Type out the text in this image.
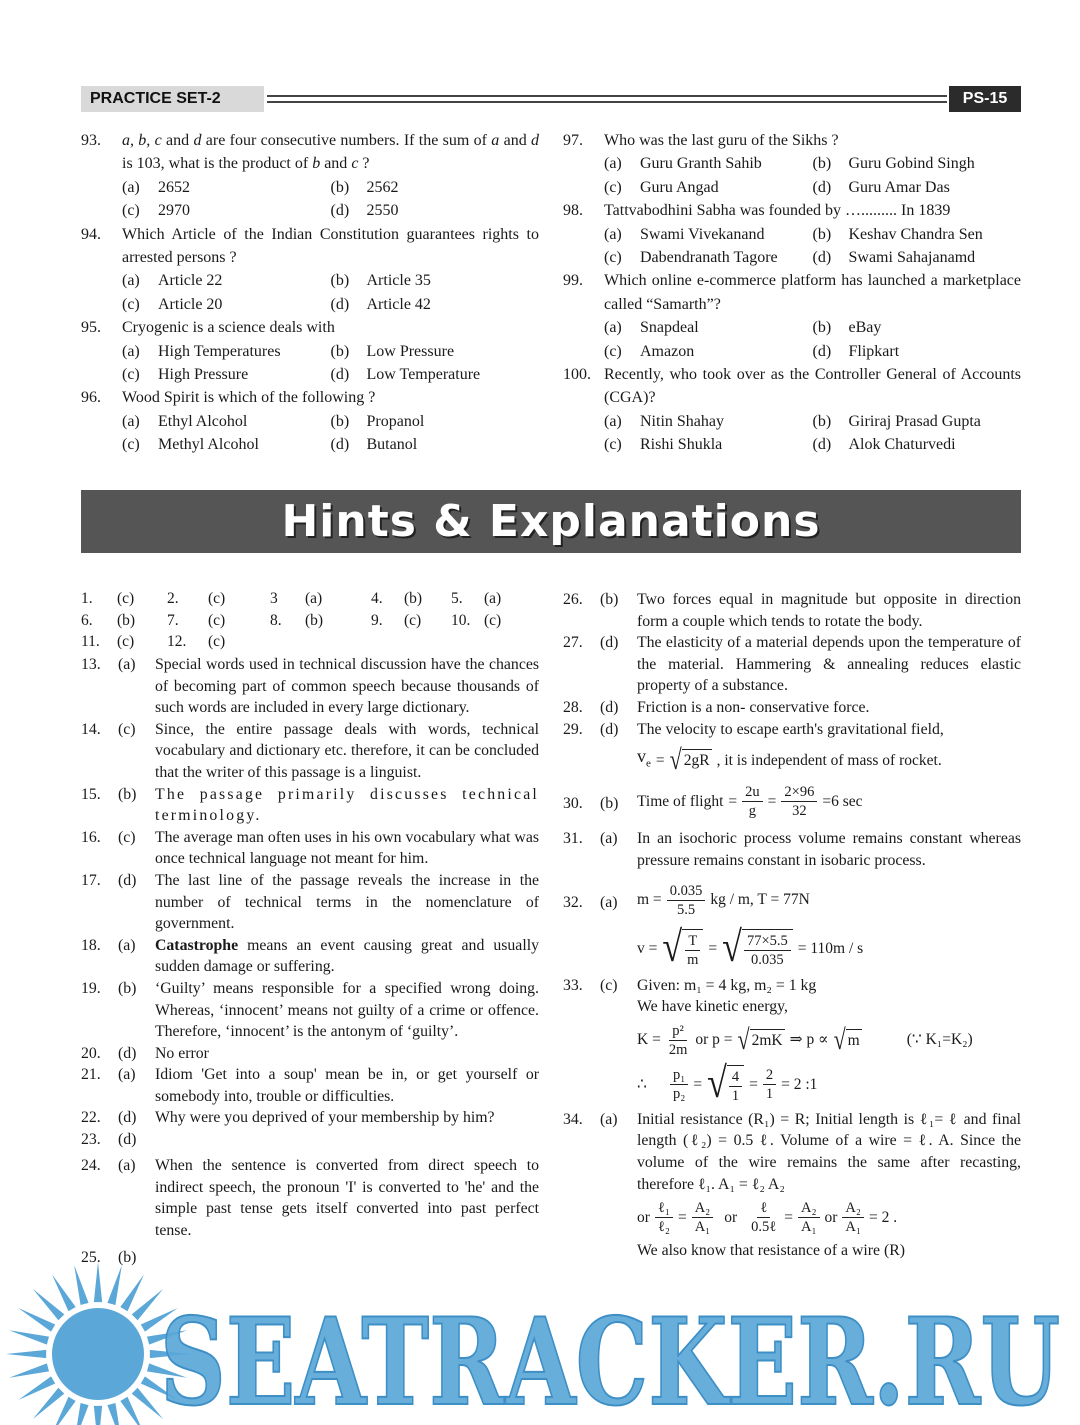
PRACTICE SET-2	PS-15
93. a, b, c and d are four consecutive numbers. If the sum of a and d is 103, what is the product of b and c ?
(a) 2652	(b) 2562
(c) 2970	(d) 2550
94. Which Article of the Indian Constitution guarantees rights to arrested persons ?
(a) Article 22	(b) Article 35
(c) Article 20	(d) Article 42
95. Cryogenic is a science deals with
(a) High Temperatures	(b) Low Pressure
(c) High Pressure	(d) Low Temperature
96. Wood Spirit is which of the following ?
(a) Ethyl Alcohol	(b) Propanol
(c) Methyl Alcohol	(d) Butanol
97. Who was the last guru of the Sikhs ?
(a) Guru Granth Sahib	(b) Guru Gobind Singh
(c) Guru Angad	(d) Guru Amar Das
98. Tattvabodhini Sabha was founded by …......... In 1839
(a) Swami Vivekanand	(b) Keshav Chandra Sen
(c) Dabendranath Tagore	(d) Swami Sahajanamd
99. Which online e-commerce platform has launched a marketplace called “Samarth”?
(a) Snapdeal	(b) eBay
(c) Amazon	(d) Flipkart
100. Recently, who took over as the Controller General of Accounts (CGA)?
(a) Nitin Shahay	(b) Giriraj Prasad Gupta
(c) Rishi Shukla	(d) Alok Chaturvedi
Hints & Explanations
1. (c) 2. (c)	3 (a)	4. (b) 5. (a)
6. (b) 7. (c)	8. (b)	9. (c) 10. (c)
11. (c) 12. (c)
13. (a) Special words used in technical discussion have the chances of becoming part of common speech because thousands of such words are included in every large dictionary.
14. (c) Since, the entire passage deals with words, technical vocabulary and dictionary etc. therefore, it can be concluded that the writer of this passage is a linguist.
15. (b) The passage primarily discusses technical terminology.
16. (c) The average man often uses in his own vocabulary what was once technical language not meant for him.
17. (d) The last line of the passage reveals the increase in the number of technical terms in the nomenclature of government.
18. (a) Catastrophe means an event causing great and usually sudden damage or suffering.
19. (b) ‘Guilty’ means responsible for a specified wrong doing. Whereas, ‘innocent’ means not guilty of a crime or offence. Therefore, ‘innocent’ is the antonym of ‘guilty’.
20. (d) No error
21. (a) Idiom 'Get into a soup' mean be in, or get yourself or somebody into, trouble or difficulties.
22. (d) Why were you deprived of your membership by him?
23. (d)
24. (a) When the sentence is converted from direct speech to indirect speech, the pronoun 'I' is converted to 'he' and the simple past tense gets itself converted into past perfect tense.
25. (b)
26. (b) Two forces equal in magnitude but opposite in direction form a couple which tends to rotate the body.
27. (d) The elasticity of a material depends upon the temperature of the material. Hammering & annealing reduces elastic property of a substance.
28. (d) Friction is a non- conservative force.
29. (d) The velocity to escape earth's gravitational field,
$v_e$ = √ 2gR , it is independent of mass of rocket.
30. (b) Time of flight = $\frac{2u}{g} = \frac{2\times 96}{32} =6$ sec
31. (a) In an isochoric process volume remains constant whereas pressure remains constant in isobaric process.
32. (a) $m = \frac{0.035}{5.5}$ kg / m, T = 77N
v = √ $\frac{T}{m}$ = √ $\frac{77\times 5.5}{0.035} = 110m / s$
33. (c) Given: m₁ = 4 kg, m₂ = 1 kg
We have kinetic energy,
$K = \frac{\text{p²}}{2m}$ or p = √ 2mK ⇒ p ∝ √ m	(∵ K₁=K₂)
∴	$\frac{\text{p₁}}{\text{p₂}}$ = √ $\frac{4}{1} = \frac{2}{1} = 2$ :1
34. (a) Initial resistance (R₁) = R; Initial length is ℓ₁= ℓ and final length (ℓ₂) = 0.5 ℓ. Volume of a wire = ℓ. A. Since the volume of the wire remains the same after recasting, therefore ℓ₁. A₁ = ℓ₂ A₂
or $\frac{\text{ℓ₁}}{\text{ℓ₂}} = \frac{\text{A₂}}{\text{A₁}}$ or $\frac{\text{ℓ}}{\text{0.5ℓ}} = \frac{\text{A₂}}{\text{A₁}}$ or $\frac{\text{A₂}}{\text{A₁}} = 2$ .
We also know that resistance of a wire (R)
SEATRACKER.RU
